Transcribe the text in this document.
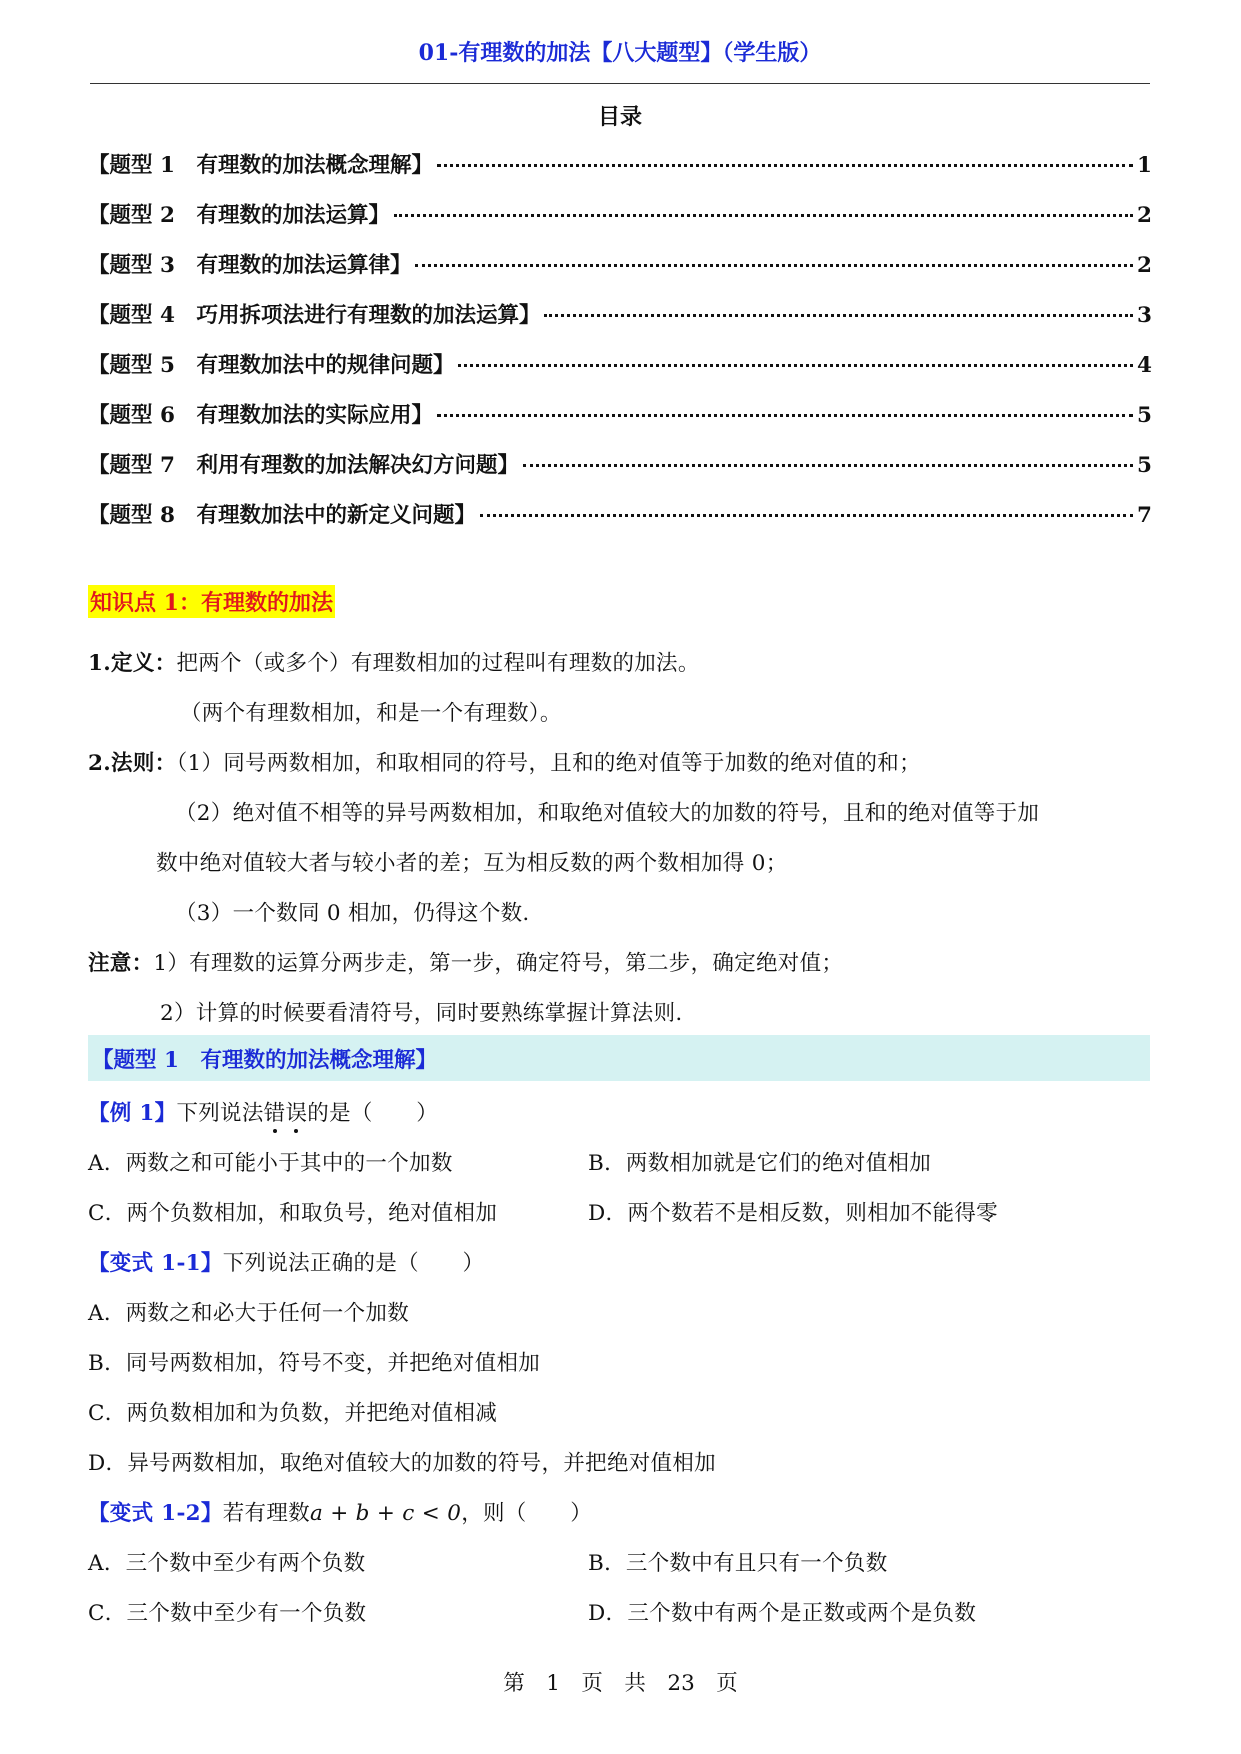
01-有理数的加法【八大题型】（学生版）
目录
【题型 1　有理数的加法概念理解】	1
【题型 2　有理数的加法运算】	2
【题型 3　有理数的加法运算律】	2
【题型 4　巧用拆项法进行有理数的加法运算】	3
【题型 5　有理数加法中的规律问题】	4
【题型 6　有理数加法的实际应用】	5
【题型 7　利用有理数的加法解决幻方问题】	5
【题型 8　有理数加法中的新定义问题】	7
知识点 1：有理数的加法
1.定义：把两个（或多个）有理数相加的过程叫有理数的加法。
（两个有理数相加，和是一个有理数）。
2.法则：（1）同号两数相加，和取相同的符号，且和的绝对值等于加数的绝对值的和；
（2）绝对值不相等的异号两数相加，和取绝对值较大的加数的符号，且和的绝对值等于加
数中绝对值较大者与较小者的差；互为相反数的两个数相加得 0；
（3）一个数同 0 相加，仍得这个数.
注意：1）有理数的运算分两步走，第一步，确定符号，第二步，确定绝对值；
2）计算的时候要看清符号，同时要熟练掌握计算法则.
【题型 1　有理数的加法概念理解】
【例 1】下列说法错误的是（　　）
A．两数之和可能小于其中的一个加数	B．两数相加就是它们的绝对值相加
C．两个负数相加，和取负号，绝对值相加	D．两个数若不是相反数，则相加不能得零
【变式 1-1】下列说法正确的是（　　）
A．两数之和必大于任何一个加数
B．同号两数相加，符号不变，并把绝对值相加
C．两负数相加和为负数，并把绝对值相减
D．异号两数相加，取绝对值较大的加数的符号，并把绝对值相加
【变式 1-2】若有理数a + b + c < 0，则（　　）
A．三个数中至少有两个负数	B．三个数中有且只有一个负数
C．三个数中至少有一个负数	D．三个数中有两个是正数或两个是负数
第　1　页　共　23　页
